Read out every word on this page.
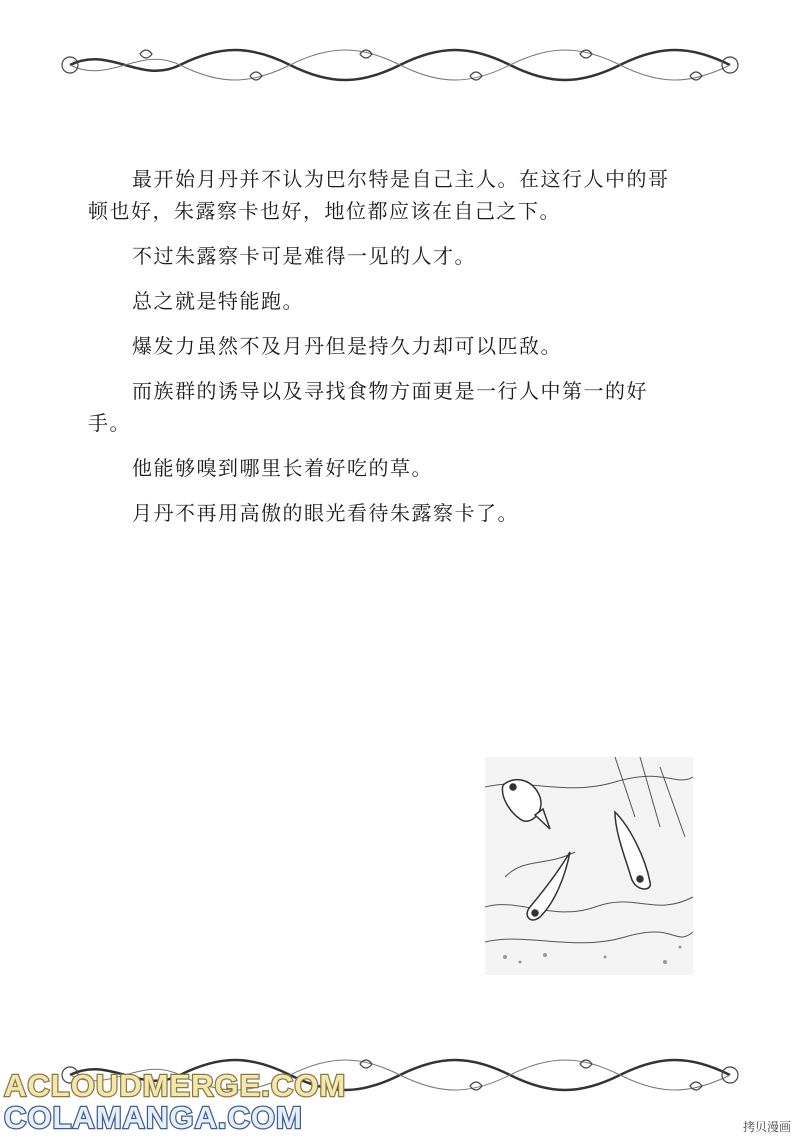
最开始月丹并不认为巴尔特是自己主人。在这行人中的哥顿也好，朱露察卡也好，地位都应该在自己之下。

不过朱露察卡可是难得一见的人才。

总之就是特能跑。

爆发力虽然不及月丹但是持久力却可以匹敌。

而族群的诱导以及寻找食物方面更是一行人中第一的好手。

他能够嗅到哪里长着好吃的草。

月丹不再用高傲的眼光看待朱露察卡了。

ACLOUDMERGE.COM
COLAMANGA.COM	拷贝漫画
